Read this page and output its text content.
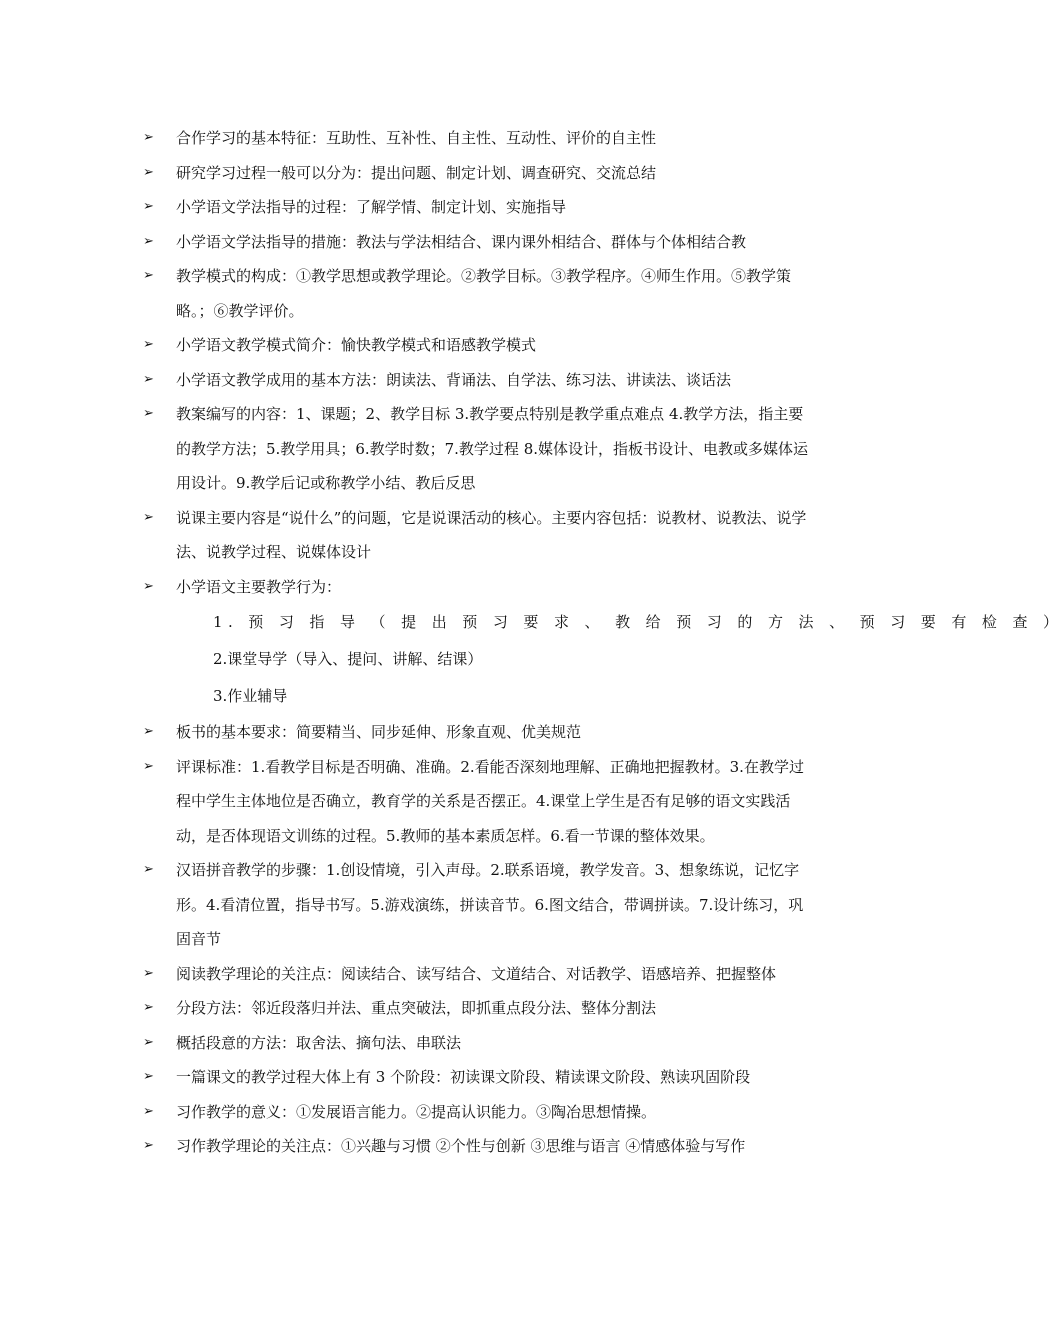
➢	合作学习的基本特征：互助性、互补性、自主性、互动性、评价的自主性
➢	研究学习过程一般可以分为：提出问题、制定计划、调查研究、交流总结
➢	小学语文学法指导的过程：了解学情、制定计划、实施指导
➢	小学语文学法指导的措施：教法与学法相结合、课内课外相结合、群体与个体相结合教
➢	教学模式的构成：①教学思想或教学理论。②教学目标。③教学程序。④师生作用。⑤教学策略。；⑥教学评价。
➢	小学语文教学模式简介：愉快教学模式和语感教学模式
➢	小学语文教学成用的基本方法：朗读法、背诵法、自学法、练习法、讲读法、谈话法
➢	教案编写的内容：1、课题；2、教学目标 3.教学要点特别是教学重点难点 4.教学方法，指主要的教学方法；5.教学用具；6.教学时数；7.教学过程 8.媒体设计，指板书设计、电教或多媒体运用设计。9.教学后记或称教学小结、教后反思
➢	说课主要内容是“说什么”的问题，它是说课活动的核心。主要内容包括：说教材、说教法、说学法、说教学过程、说媒体设计
➢	小学语文主要教学行为：
1. 预 习 指 导 （ 提 出 预 习 要 求 、 教 给 预 习 的 方 法 、 预 习 要 有 检 查 ）
2.课堂导学（导入、提问、讲解、结课）
3.作业辅导
➢	板书的基本要求：简要精当、同步延伸、形象直观、优美规范
➢	评课标准：1.看教学目标是否明确、准确。2.看能否深刻地理解、正确地把握教材。3.在教学过程中学生主体地位是否确立，教育学的关系是否摆正。4.课堂上学生是否有足够的语文实践活动，是否体现语文训练的过程。5.教师的基本素质怎样。6.看一节课的整体效果。
➢	汉语拼音教学的步骤：1.创设情境，引入声母。2.联系语境，教学发音。3、想象练说，记忆字形。4.看清位置，指导书写。5.游戏演练，拼读音节。6.图文结合，带调拼读。7.设计练习，巩固音节
➢	阅读教学理论的关注点：阅读结合、读写结合、文道结合、对话教学、语感培养、把握整体
➢	分段方法：邻近段落归并法、重点突破法，即抓重点段分法、整体分割法
➢	概括段意的方法：取舍法、摘句法、串联法
➢	一篇课文的教学过程大体上有 3 个阶段：初读课文阶段、精读课文阶段、熟读巩固阶段
➢	习作教学的意义：①发展语言能力。②提高认识能力。③陶冶思想情操。
➢	习作教学理论的关注点：①兴趣与习惯 ②个性与创新 ③思维与语言 ④情感体验与写作
